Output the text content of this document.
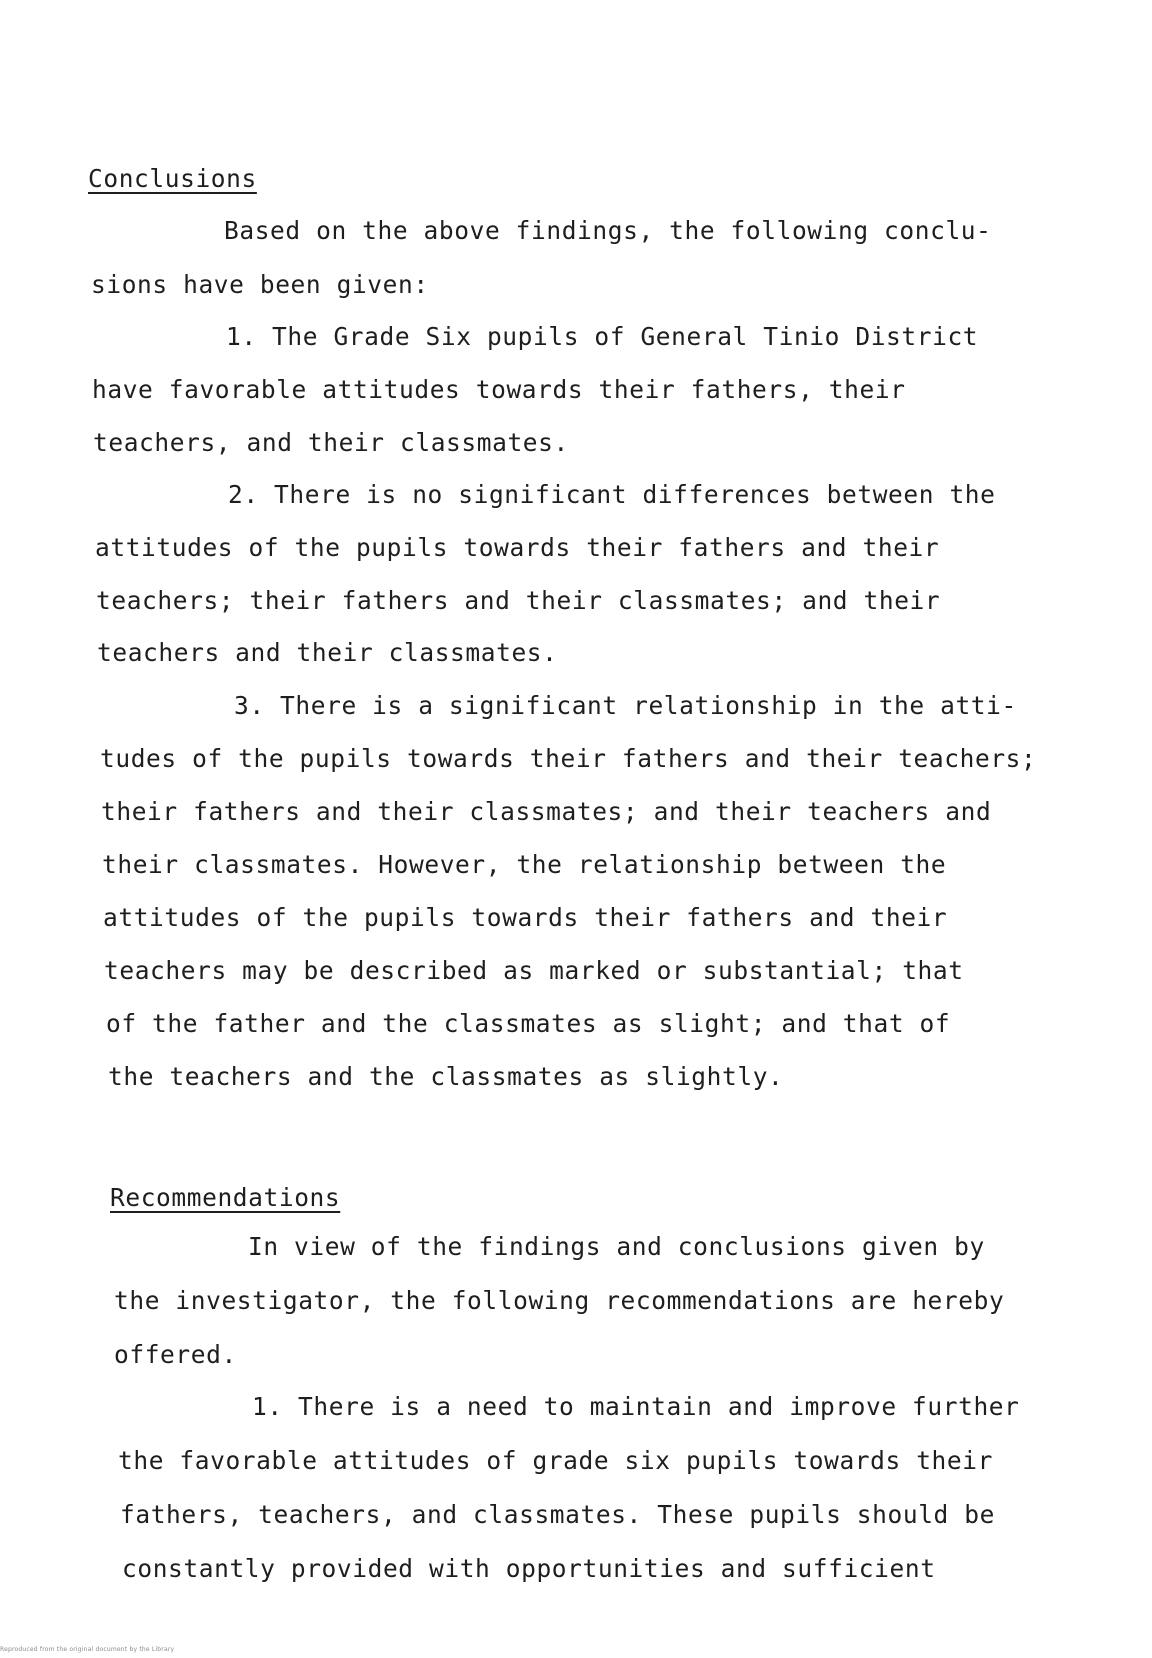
Conclusions
Based on the above findings, the following conclu-
sions have been given:
1. The Grade Six pupils of General Tinio District
have favorable attitudes towards their fathers, their
teachers, and their classmates.
2. There is no significant differences between the
attitudes of the pupils towards their fathers and their
teachers; their fathers and their classmates; and their
teachers and their classmates.
3. There is a significant relationship in the atti-
tudes of the pupils towards their fathers and their teachers;
their fathers and their classmates; and their teachers and
their classmates. However, the relationship between the
attitudes of the pupils towards their fathers and their
teachers may be described as marked or substantial; that
of the father and the classmates as slight; and that of
the teachers and the classmates as slightly.
Recommendations
In view of the findings and conclusions given by
the investigator, the following recommendations are hereby
offered.
1. There is a need to maintain and improve further
the favorable attitudes of grade six pupils towards their
fathers, teachers, and classmates. These pupils should be
constantly provided with opportunities and sufficient
Reproduced from the original document by the Library
